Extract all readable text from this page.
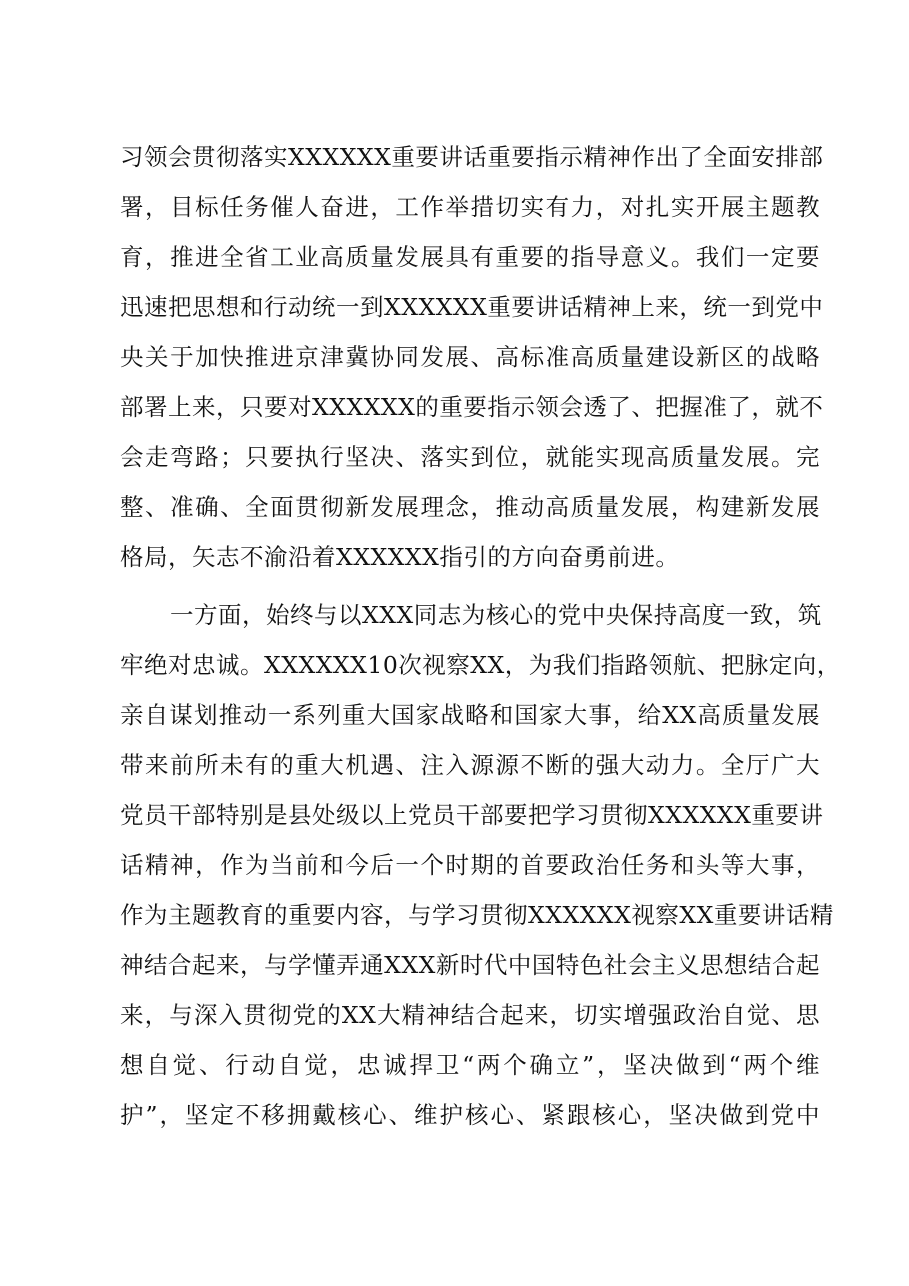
习领会贯彻落实XXXXXX重要讲话重要指示精神作出了全面安排部
署，目标任务催人奋进，工作举措切实有力，对扎实开展主题教
育，推进全省工业高质量发展具有重要的指导意义。我们一定要
迅速把思想和行动统一到XXXXXX重要讲话精神上来，统一到党中
央关于加快推进京津冀协同发展、高标准高质量建设新区的战略
部署上来，只要对XXXXXX的重要指示领会透了、把握准了，就不
会走弯路；只要执行坚决、落实到位，就能实现高质量发展。完
整、准确、全面贯彻新发展理念，推动高质量发展，构建新发展
格局，矢志不渝沿着XXXXXX指引的方向奋勇前进。
一方面，始终与以XXX同志为核心的党中央保持高度一致，筑
牢绝对忠诚。XXXXXX10次视察XX，为我们指路领航、把脉定向，
亲自谋划推动一系列重大国家战略和国家大事，给XX高质量发展
带来前所未有的重大机遇、注入源源不断的强大动力。全厅广大
党员干部特别是县处级以上党员干部要把学习贯彻XXXXXX重要讲
话精神，作为当前和今后一个时期的首要政治任务和头等大事，
作为主题教育的重要内容，与学习贯彻XXXXXX视察XX重要讲话精
神结合起来，与学懂弄通XXX新时代中国特色社会主义思想结合起
来，与深入贯彻党的XX大精神结合起来，切实增强政治自觉、思
想自觉、行动自觉，忠诚捍卫“两个确立”，坚决做到“两个维
护”，坚定不移拥戴核心、维护核心、紧跟核心，坚决做到党中
